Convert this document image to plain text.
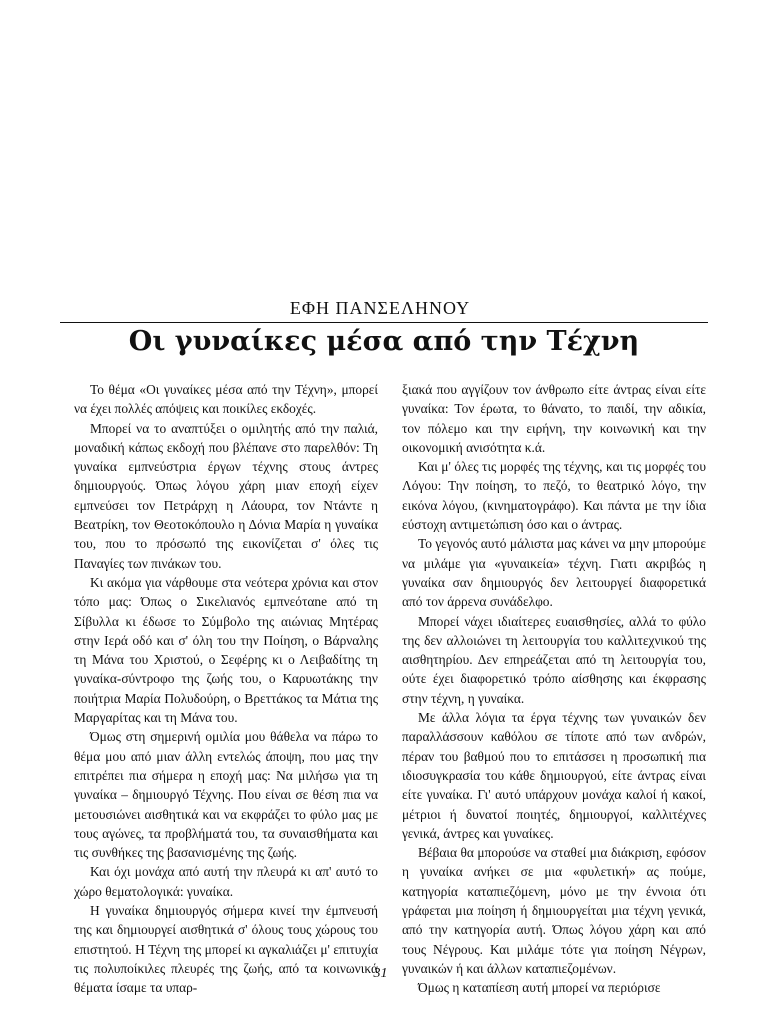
ΕΦΗ ΠΑΝΣΕΛΗΝΟΥ
Οι γυναίκες μέσα από την Τέχνη

Το θέμα «Οι γυναίκες μέσα από την Τέχνη», μπορεί να έχει πολλές απόψεις και ποικίλες εκδοχές.

Μπορεί να το αναπτύξει ο ομιλητής από την παλιά, μοναδική κάπως εκδοχή που βλέπανε στο παρελθόν: Τη γυναίκα εμπνεύστρια έργων τέχνης στους άντρες δημιουργούς. Όπως λόγου χάρη μιαν εποχή είχεν εμπνεύσει τον Πετράρχη η Λάουρα, τον Ντάντε η Βεατρίκη, τον Θεοτοκόπουλο η Δόνια Μαρία η γυναίκα του, που το πρόσωπό της εικονίζεται σ' όλες τις Παναγίες των πινάκων του.

Κι ακόμα για νάρθουμε στα νεότερα χρόνια και στον τόπο μας: Όπως ο Σικελιανός εμπνεόταne από τη Σίβυλλα κι έδωσε το Σύμβολο της αιώνιας Μητέρας στην Ιερά οδό και σ' όλη του την Ποίηση, ο Βάρναλης τη Μάνα του Χριστού, ο Σεφέρης κι ο Λειβαδίτης τη γυναίκα-σύντροφο της ζωής του, ο Καρυωτάκης την ποιήτρια Μαρία Πολυδούρη, ο Βρεττάκος τα Μάτια της Μαργαρίτας και τη Μάνα του.

Όμως στη σημερινή ομιλία μου θάθελα να πάρω το θέμα μου από μιαν άλλη εντελώς άποψη, που μας την επιτρέπει πια σήμερα η εποχή μας: Να μιλήσω για τη γυναίκα – δημιουργό Τέχνης. Που είναι σε θέση πια να μετουσιώνει αισθητικά και να εκφράζει το φύλο μας με τους αγώνες, τα προβλήματά του, τα συναισθήματα και τις συνθήκες της βασανισμένης της ζωής.

Και όχι μονάχα από αυτή την πλευρά κι απ' αυτό το χώρο θεματολογικά: γυναίκα.

Η γυναίκα δημιουργός σήμερα κινεί την έμπνευσή της και δημιουργεί αισθητικά σ' όλους τους χώρους του επιστητού. Η Τέχνη της μπορεί κι αγκαλιάζει μ' επιτυχία τις πολυποίκιλες πλευρές της ζωής, από τα κοινωνικά θέματα ίσαμε τα υπαρ-

ξιακά που αγγίζουν τον άνθρωπο είτε άντρας είναι είτε γυναίκα: Τον έρωτα, το θάνατο, το παιδί, την αδικία, τον πόλεμο και την ειρήνη, την κοινωνική και την οικονομική ανισότητα κ.ά.

Και μ' όλες τις μορφές της τέχνης, και τις μορφές του Λόγου: Την ποίηση, το πεζό, το θεατρικό λόγο, την εικόνα λόγου, (κινηματογράφο). Και πάντα με την ίδια εύστοχη αντιμετώπιση όσο και ο άντρας.

Το γεγονός αυτό μάλιστα μας κάνει να μην μπορούμε να μιλάμε για «γυναικεία» τέχνη. Γιατι ακριβώς η γυναίκα σαν δημιουργός δεν λειτουργεί διαφορετικά από τον άρρενα συνάδελφο.

Μπορεί νάχει ιδιαίτερες ευαισθησίες, αλλά το φύλο της δεν αλλοιώνει τη λειτουργία του καλλιτεχνικού της αισθητηρίου. Δεν επηρεάζεται από τη λειτουργία του, ούτε έχει διαφορετικό τρόπο αίσθησης και έκφρασης στην τέχνη, η γυναίκα.

Με άλλα λόγια τα έργα τέχνης των γυναικών δεν παραλλάσσουν καθόλου σε τίποτε από των ανδρών, πέραν του βαθμού που το επιτάσσει η προσωπική πια ιδιοσυγκρασία του κάθε δημιουργού, είτε άντρας είναι είτε γυναίκα. Γι' αυτό υπάρχουν μονάχα καλοί ή κακοί, μέτριοι ή δυνατοί ποιητές, δημιουργοί, καλλιτέχνες γενικά, άντρες και γυναίκες.

Βέβαια θα μπορούσε να σταθεί μια διάκριση, εφόσον η γυναίκα ανήκει σε μια «φυλετική» ας πούμε, κατηγορία καταπιεζόμενη, μόνο με την έννοια ότι γράφεται μια ποίηση ή δημιουργείται μια τέχνη γενικά, από την κατηγορία αυτή. Όπως λόγου χάρη και από τους Νέγρους. Και μιλάμε τότε για ποίηση Νέγρων, γυναικών ή και άλλων καταπιεζομένων.

Όμως η καταπίεση αυτή μπορεί να περιόρισε

31
